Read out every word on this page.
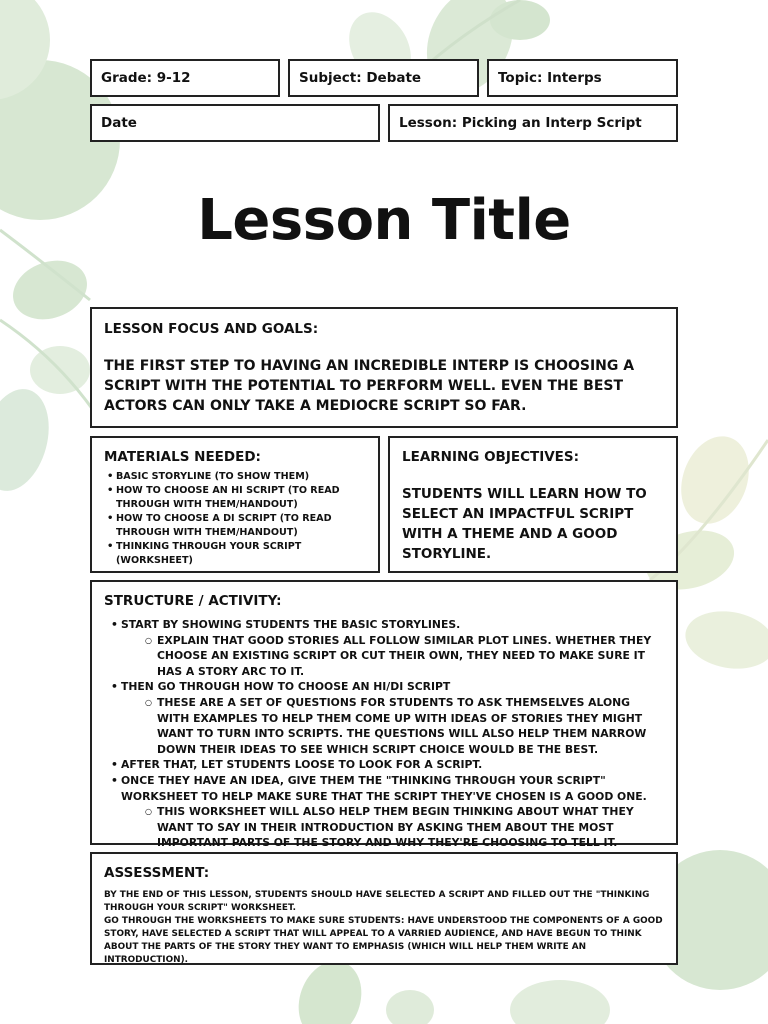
Grade: 9-12	Subject: Debate	Topic: Interps
Date	Lesson: Picking an Interp Script
Lesson Title
LESSON FOCUS AND GOALS:
THE FIRST STEP TO HAVING AN INCREDIBLE INTERP IS CHOOSING A SCRIPT WITH THE POTENTIAL TO PERFORM WELL. EVEN THE BEST ACTORS CAN ONLY TAKE A MEDIOCRE SCRIPT SO FAR.
MATERIALS NEEDED:
• BASIC STORYLINE (TO SHOW THEM)
• HOW TO CHOOSE AN HI SCRIPT (TO READ THROUGH WITH THEM/HANDOUT)
• HOW TO CHOOSE A DI SCRIPT (TO READ THROUGH WITH THEM/HANDOUT)
• THINKING THROUGH YOUR SCRIPT (WORKSHEET)
LEARNING OBJECTIVES:
STUDENTS WILL LEARN HOW TO SELECT AN IMPACTFUL SCRIPT WITH A THEME AND A GOOD STORYLINE.
STRUCTURE / ACTIVITY:
• START BY SHOWING STUDENTS THE BASIC STORYLINES.
○ EXPLAIN THAT GOOD STORIES ALL FOLLOW SIMILAR PLOT LINES. WHETHER THEY CHOOSE AN EXISTING SCRIPT OR CUT THEIR OWN, THEY NEED TO MAKE SURE IT HAS A STORY ARC TO IT.
• THEN GO THROUGH HOW TO CHOOSE AN HI/DI SCRIPT
○ THESE ARE A SET OF QUESTIONS FOR STUDENTS TO ASK THEMSELVES ALONG WITH EXAMPLES TO HELP THEM COME UP WITH IDEAS OF STORIES THEY MIGHT WANT TO TURN INTO SCRIPTS. THE QUESTIONS WILL ALSO HELP THEM NARROW DOWN THEIR IDEAS TO SEE WHICH SCRIPT CHOICE WOULD BE THE BEST.
• AFTER THAT, LET STUDENTS LOOSE TO LOOK FOR A SCRIPT.
• ONCE THEY HAVE AN IDEA, GIVE THEM THE "THINKING THROUGH YOUR SCRIPT" WORKSHEET TO HELP MAKE SURE THAT THE SCRIPT THEY'VE CHOSEN IS A GOOD ONE.
○ THIS WORKSHEET WILL ALSO HELP THEM BEGIN THINKING ABOUT WHAT THEY WANT TO SAY IN THEIR INTRODUCTION BY ASKING THEM ABOUT THE MOST IMPORTANT PARTS OF THE STORY AND WHY THEY'RE CHOOSING TO TELL IT.
ASSESSMENT:
BY THE END OF THIS LESSON, STUDENTS SHOULD HAVE SELECTED A SCRIPT AND FILLED OUT THE "THINKING THROUGH YOUR SCRIPT" WORKSHEET.
GO THROUGH THE WORKSHEETS TO MAKE SURE STUDENTS: HAVE UNDERSTOOD THE COMPONENTS OF A GOOD STORY, HAVE SELECTED A SCRIPT THAT WILL APPEAL TO A VARRIED AUDIENCE, AND HAVE BEGUN TO THINK ABOUT THE PARTS OF THE STORY THEY WANT TO EMPHASIS (WHICH WILL HELP THEM WRITE AN INTRODUCTION).
